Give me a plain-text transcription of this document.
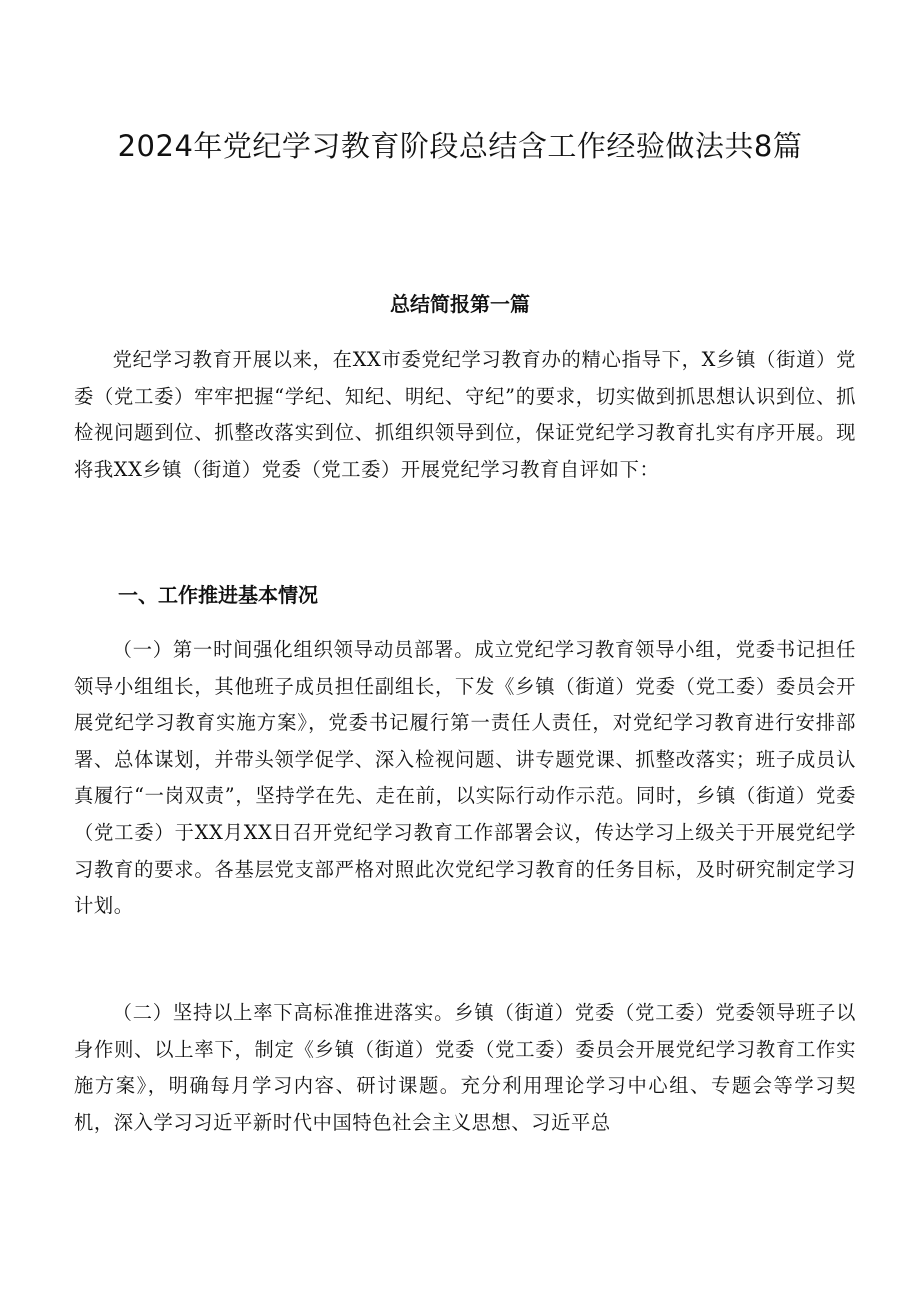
2024年党纪学习教育阶段总结含工作经验做法共8篇
总结简报第一篇

党纪学习教育开展以来，在XX市委党纪学习教育办的精心指导下，X乡镇（街道）党委（党工委）牢牢把握“学纪、知纪、明纪、守纪”的要求，切实做到抓思想认识到位、抓检视问题到位、抓整改落实到位、抓组织领导到位，保证党纪学习教育扎实有序开展。现将我XX乡镇（街道）党委（党工委）开展党纪学习教育自评如下：

一、工作推进基本情况

（一）第一时间强化组织领导动员部署。成立党纪学习教育领导小组，党委书记担任领导小组组长，其他班子成员担任副组长，下发《乡镇（街道）党委（党工委）委员会开展党纪学习教育实施方案》，党委书记履行第一责任人责任，对党纪学习教育进行安排部署、总体谋划，并带头领学促学、深入检视问题、讲专题党课、抓整改落实；班子成员认真履行“一岗双责”，坚持学在先、走在前，以实际行动作示范。同时，乡镇（街道）党委（党工委）于XX月XX日召开党纪学习教育工作部署会议，传达学习上级关于开展党纪学习教育的要求。各基层党支部严格对照此次党纪学习教育的任务目标，及时研究制定学习计划。

（二）坚持以上率下高标准推进落实。乡镇（街道）党委（党工委）党委领导班子以身作则、以上率下，制定《乡镇（街道）党委（党工委）委员会开展党纪学习教育工作实施方案》，明确每月学习内容、研讨课题。充分利用理论学习中心组、专题会等学习契机，深入学习习近平新时代中国特色社会主义思想、习近平总
